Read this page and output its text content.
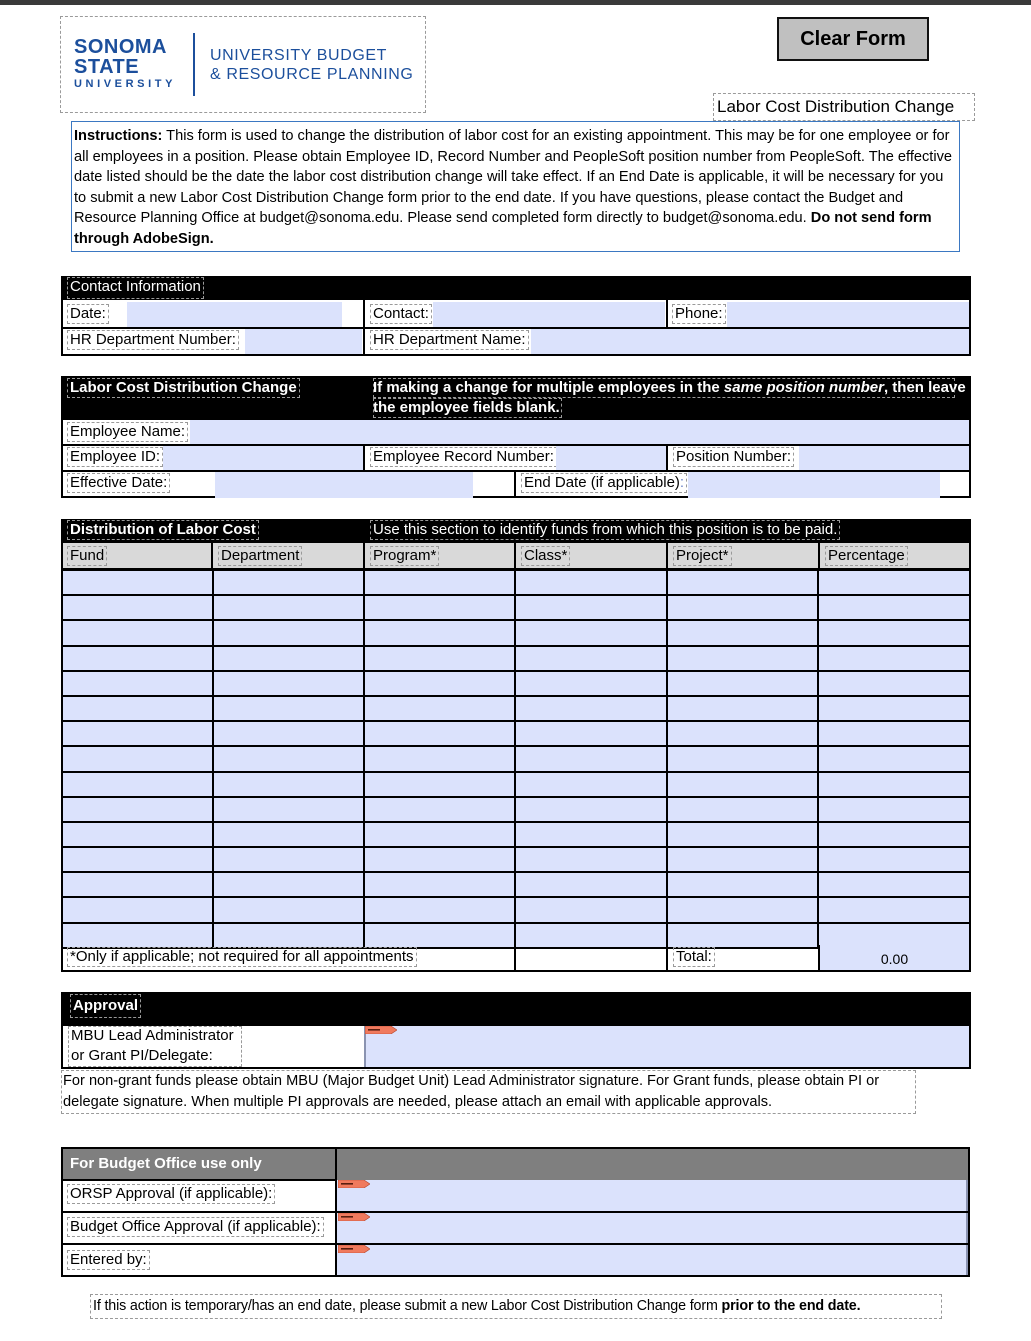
SONOMA
STATE
UNIVERSITY
UNIVERSITY BUDGET
& RESOURCE PLANNING
Clear Form
Labor Cost Distribution Change
Instructions: This form is used to change the distribution of labor cost for an existing appointment. This may be for one employee or for all employees in a position. Please obtain Employee ID, Record Number and PeopleSoft position number from PeopleSoft. The effective date listed should be the date the labor cost distribution change will take effect. If an End Date is applicable, it will be necessary for you to submit a new Labor Cost Distribution Change form prior to the end date. If you have questions, please contact the Budget and Resource Planning Office at budget@sonoma.edu. Please send completed form directly to budget@sonoma.edu. Do not send form through AdobeSign.
Contact Information
Date:	Contact:	Phone:
HR Department Number:	HR Department Name:
Labor Cost Distribution Change	If making a change for multiple employees in the same position number, then leave
the employee fields blank.
Employee Name:
Employee ID:	Employee Record Number:	Position Number:
Effective Date:	End Date (if applicable):
Distribution of Labor Cost	Use this section to identify funds from which this position is to be paid.
Fund	Department	Program*	Class*	Project*	Percentage

*Only if applicable; not required for all appointments	Total:	0.00
Approval
MBU Lead Administrator
or Grant PI/Delegate:
For non-grant funds please obtain MBU (Major Budget Unit) Lead Administrator signature. For Grant funds, please obtain PI or delegate signature. When multiple PI approvals are needed, please attach an email with applicable approvals.
For Budget Office use only
ORSP Approval (if applicable):
Budget Office Approval (if applicable):
Entered by:
If this action is temporary/has an end date, please submit a new Labor Cost Distribution Change form prior to the end date.
